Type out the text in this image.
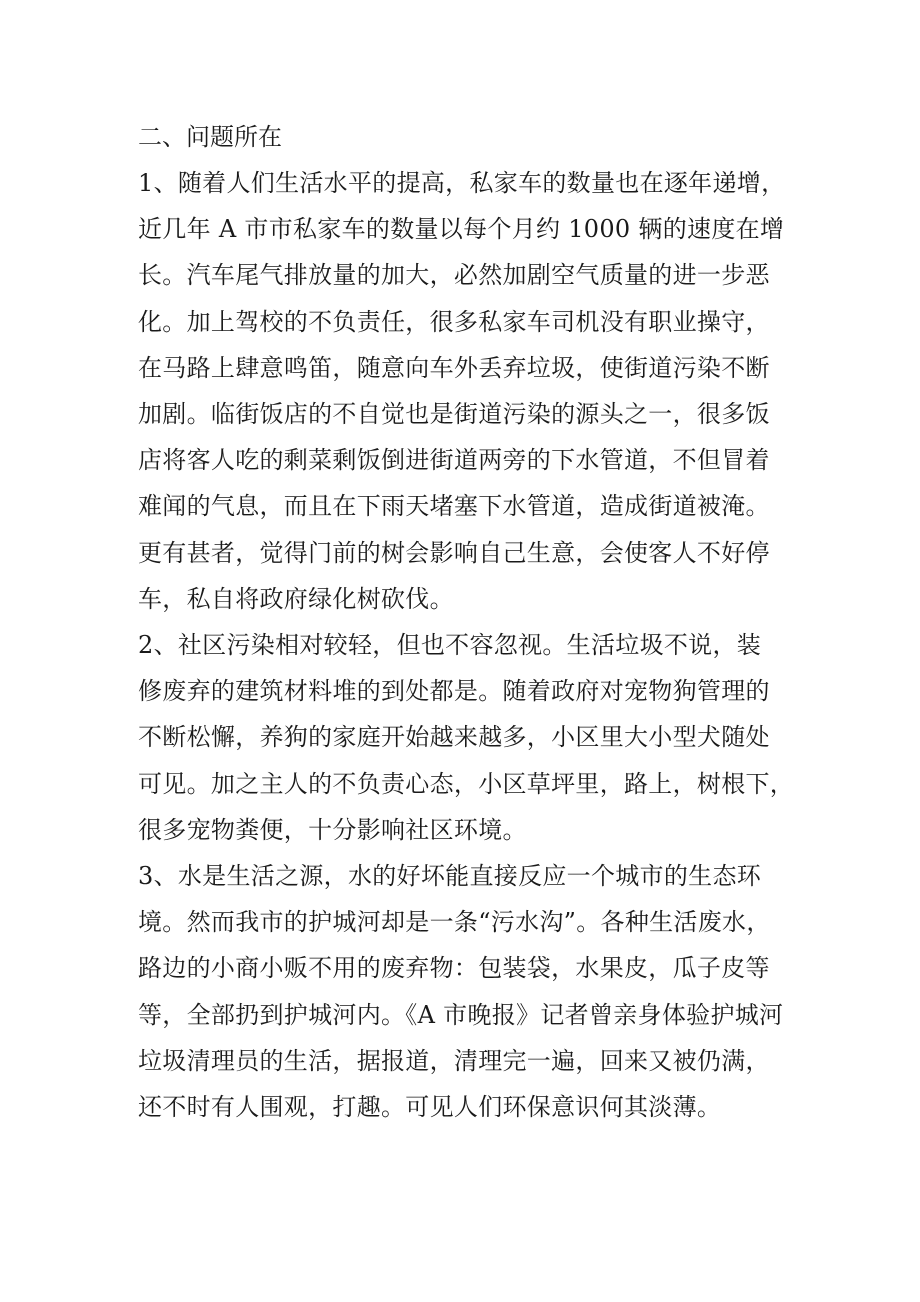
二、问题所在

1、随着人们生活水平的提高，私家车的数量也在逐年递增，

近几年 A 市市私家车的数量以每个月约 1000 辆的速度在增

长。汽车尾气排放量的加大，必然加剧空气质量的进一步恶

化。加上驾校的不负责任，很多私家车司机没有职业操守，

在马路上肆意鸣笛，随意向车外丢弃垃圾，使街道污染不断

加剧。临街饭店的不自觉也是街道污染的源头之一，很多饭

店将客人吃的剩菜剩饭倒进街道两旁的下水管道，不但冒着

难闻的气息，而且在下雨天堵塞下水管道，造成街道被淹。

更有甚者，觉得门前的树会影响自己生意，会使客人不好停

车，私自将政府绿化树砍伐。

2、社区污染相对较轻，但也不容忽视。生活垃圾不说，装

修废弃的建筑材料堆的到处都是。随着政府对宠物狗管理的

不断松懈，养狗的家庭开始越来越多，小区里大小型犬随处

可见。加之主人的不负责心态，小区草坪里，路上，树根下，

很多宠物粪便，十分影响社区环境。

3、水是生活之源，水的好坏能直接反应一个城市的生态环

境。然而我市的护城河却是一条“污水沟”。各种生活废水，

路边的小商小贩不用的废弃物：包装袋，水果皮，瓜子皮等

等，全部扔到护城河内。《A 市晚报》记者曾亲身体验护城河

垃圾清理员的生活，据报道，清理完一遍，回来又被仍满，

还不时有人围观，打趣。可见人们环保意识何其淡薄。
